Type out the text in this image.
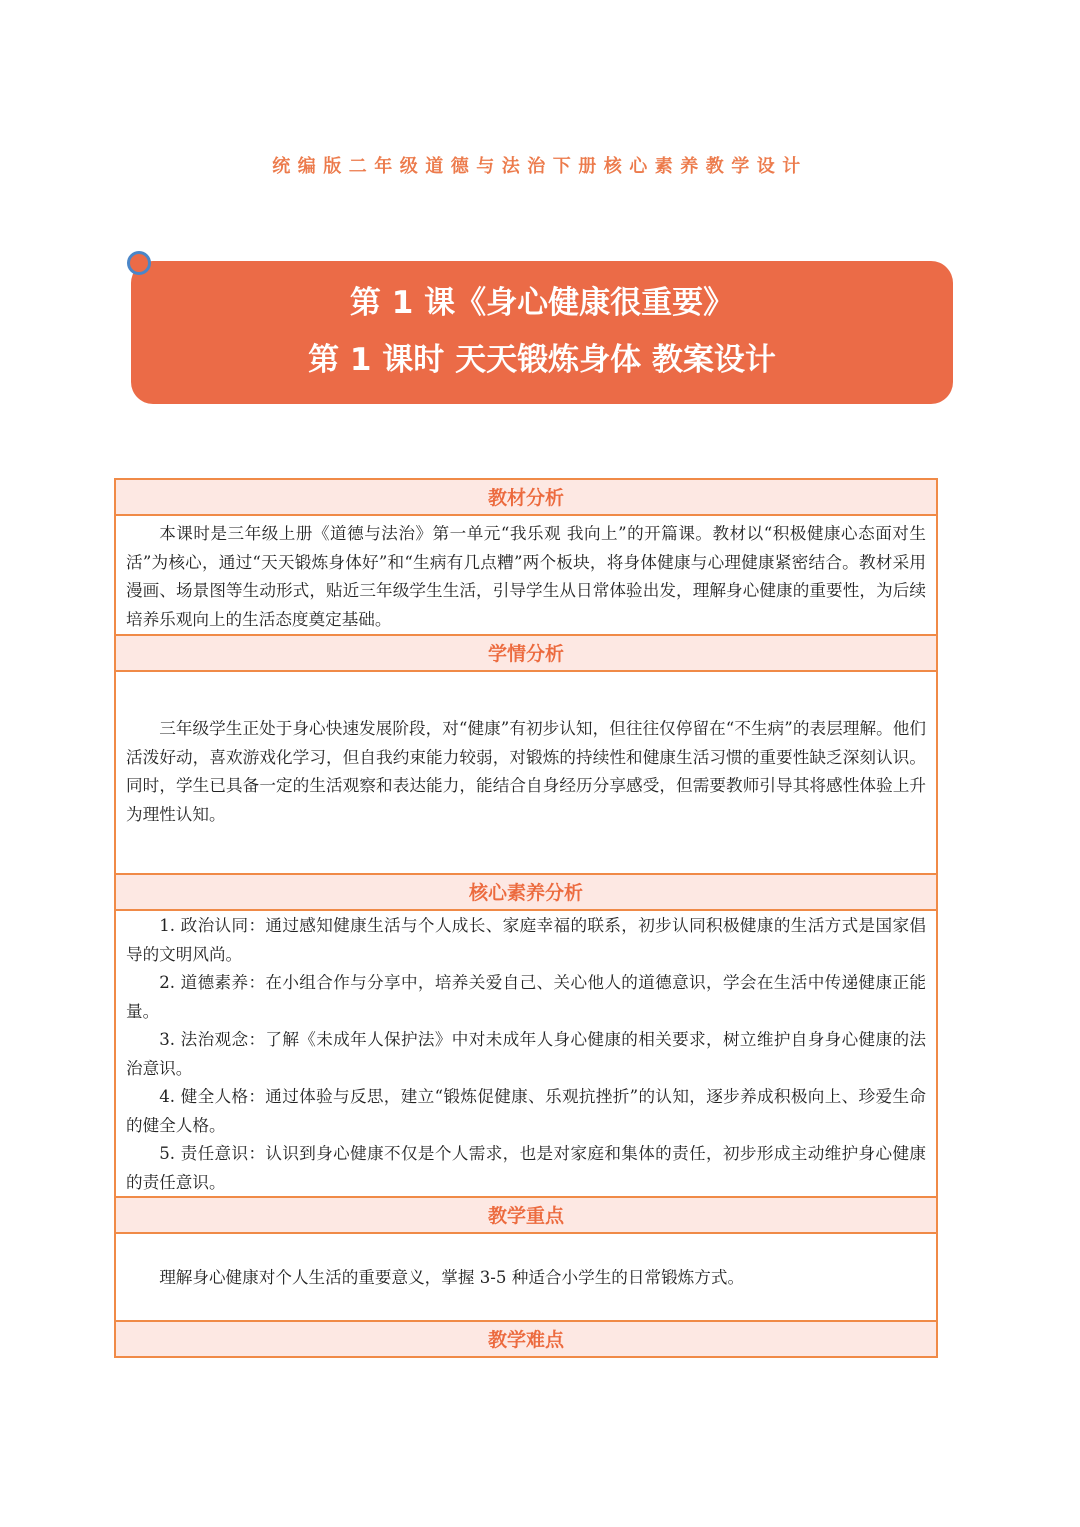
统编版二年级道德与法治下册核心素养教学设计
第 1 课《身心健康很重要》
第 1 课时 天天锻炼身体 教案设计
教材分析

本课时是三年级上册《道德与法治》第一单元“我乐观 我向上”的开篇课。教材以“积极健康心态面对生活”为核心，通过“天天锻炼身体好”和“生病有几点糟”两个板块，将身体健康与心理健康紧密结合。教材采用漫画、场景图等生动形式，贴近三年级学生生活，引导学生从日常体验出发，理解身心健康的重要性，为后续培养乐观向上的生活态度奠定基础。

学情分析

三年级学生正处于身心快速发展阶段，对“健康”有初步认知，但往往仅停留在“不生病”的表层理解。他们活泼好动，喜欢游戏化学习，但自我约束能力较弱，对锻炼的持续性和健康生活习惯的重要性缺乏深刻认识。同时，学生已具备一定的生活观察和表达能力，能结合自身经历分享感受，但需要教师引导其将感性体验上升为理性认知。

核心素养分析

1. 政治认同：通过感知健康生活与个人成长、家庭幸福的联系，初步认同积极健康的生活方式是国家倡导的文明风尚。

2. 道德素养：在小组合作与分享中，培养关爱自己、关心他人的道德意识，学会在生活中传递健康正能量。

3. 法治观念：了解《未成年人保护法》中对未成年人身心健康的相关要求，树立维护自身身心健康的法治意识。

4. 健全人格：通过体验与反思，建立“锻炼促健康、乐观抗挫折”的认知，逐步养成积极向上、珍爱生命的健全人格。

5. 责任意识：认识到身心健康不仅是个人需求，也是对家庭和集体的责任，初步形成主动维护身心健康的责任意识。

教学重点

理解身心健康对个人生活的重要意义，掌握 3-5 种适合小学生的日常锻炼方式。

教学难点
